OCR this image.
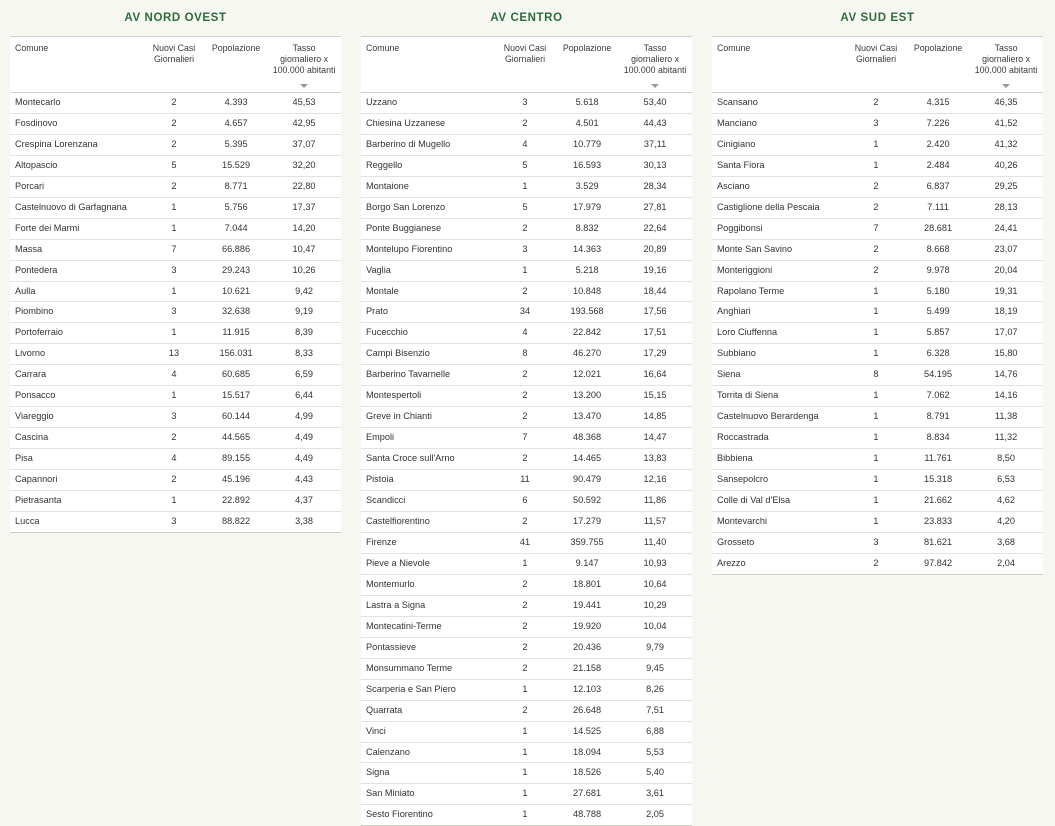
AV NORD OVEST
Comune	Nuovi Casi Giornalieri	Popolazione	Tasso giornaliero x 100.000 abitanti

Montecarlo	2	4.393	45,53
Fosdinovo	2	4.657	42,95
Crespina Lorenzana	2	5.395	37,07
Altopascio	5	15.529	32,20
Porcari	2	8.771	22,80
Castelnuovo di Garfagnana	1	5.756	17,37
Forte dei Marmi	1	7.044	14,20
Massa	7	66.886	10,47
Pontedera	3	29.243	10,26
Aulla	1	10.621	9,42
Piombino	3	32.638	9,19
Portoferraio	1	11.915	8,39
Livorno	13	156.031	8,33
Carrara	4	60.685	6,59
Ponsacco	1	15.517	6,44
Viareggio	3	60.144	4,99
Cascina	2	44.565	4,49
Pisa	4	89.155	4,49
Capannori	2	45.196	4,43
Pietrasanta	1	22.892	4,37
Lucca	3	88.822	3,38
AV CENTRO
Comune	Nuovi Casi Giornalieri	Popolazione	Tasso giornaliero x 100.000 abitanti

Uzzano	3	5.618	53,40
Chiesina Uzzanese	2	4.501	44,43
Barberino di Mugello	4	10.779	37,11
Reggello	5	16.593	30,13
Montaione	1	3.529	28,34
Borgo San Lorenzo	5	17.979	27,81
Ponte Buggianese	2	8.832	22,64
Montelupo Fiorentino	3	14.363	20,89
Vaglia	1	5.218	19,16
Montale	2	10.848	18,44
Prato	34	193.568	17,56
Fucecchio	4	22.842	17,51
Campi Bisenzio	8	46.270	17,29
Barberino Tavarnelle	2	12.021	16,64
Montespertoli	2	13.200	15,15
Greve in Chianti	2	13.470	14,85
Empoli	7	48.368	14,47
Santa Croce sull'Arno	2	14.465	13,83
Pistoia	11	90.479	12,16
Scandicci	6	50.592	11,86
Castelfiorentino	2	17.279	11,57
Firenze	41	359.755	11,40
Pieve a Nievole	1	9.147	10,93
Montemurlo	2	18.801	10,64
Lastra a Signa	2	19.441	10,29
Montecatini-Terme	2	19.920	10,04
Pontassieve	2	20.436	9,79
Monsummano Terme	2	21.158	9,45
Scarperia e San Piero	1	12.103	8,26
Quarrata	2	26.648	7,51
Vinci	1	14.525	6,88
Calenzano	1	18.094	5,53
Signa	1	18.526	5,40
San Miniato	1	27.681	3,61
Sesto Fiorentino	1	48.788	2,05
AV SUD EST
Comune	Nuovi Casi Giornalieri	Popolazione	Tasso giornaliero x 100.000 abitanti

Scansano	2	4.315	46,35
Manciano	3	7.226	41,52
Cinigiano	1	2.420	41,32
Santa Fiora	1	2.484	40,26
Asciano	2	6.837	29,25
Castiglione della Pescaia	2	7.111	28,13
Poggibonsi	7	28.681	24,41
Monte San Savino	2	8.668	23,07
Monteriggioni	2	9.978	20,04
Rapolano Terme	1	5.180	19,31
Anghiari	1	5.499	18,19
Loro Ciuffenna	1	5.857	17,07
Subbiano	1	6.328	15,80
Siena	8	54.195	14,76
Torrita di Siena	1	7.062	14,16
Castelnuovo Berardenga	1	8.791	11,38
Roccastrada	1	8.834	11,32
Bibbiena	1	11.761	8,50
Sansepolcro	1	15.318	6,53
Colle di Val d'Elsa	1	21.662	4,62
Montevarchi	1	23.833	4,20
Grosseto	3	81.621	3,68
Arezzo	2	97.842	2,04
